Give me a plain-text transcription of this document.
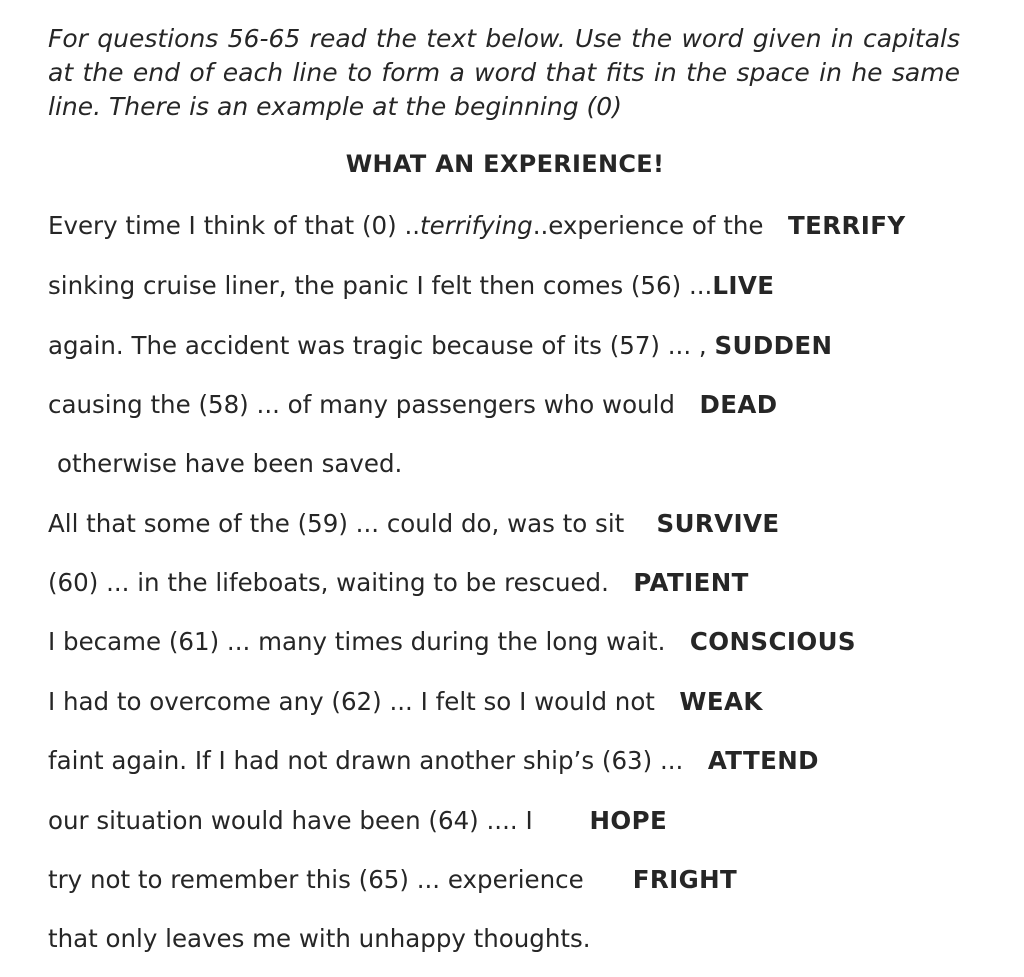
For questions 56-65 read the text below. Use the word given in capitals at the end of each line to form a word that fits in the space in he same line. There is an example at the beginning (0)

WHAT AN EXPERIENCE!
Every time I think of that (0) ..terrifying..experience of the  TERRIFY
sinking cruise liner, the panic I felt then comes (56) ...LIVE
again. The accident was tragic because of its (57) ... , SUDDEN
causing the (58) ... of many passengers who would DEAD
otherwise have been saved.
All that some of the (59) ... could do, was to sit  SURVIVE
(60) ... in the lifeboats, waiting to be rescued. PATIENT
I became (61) ... many times during the long wait. CONSCIOUS
I had to overcome any (62) ... I felt so I would not WEAK
faint again. If I had not drawn another ship’s (63) ... ATTEND
our situation would have been (64) .... I   HOPE
try not to remember this (65) ... experience  FRIGHT
that only leaves me with unhappy thoughts.
